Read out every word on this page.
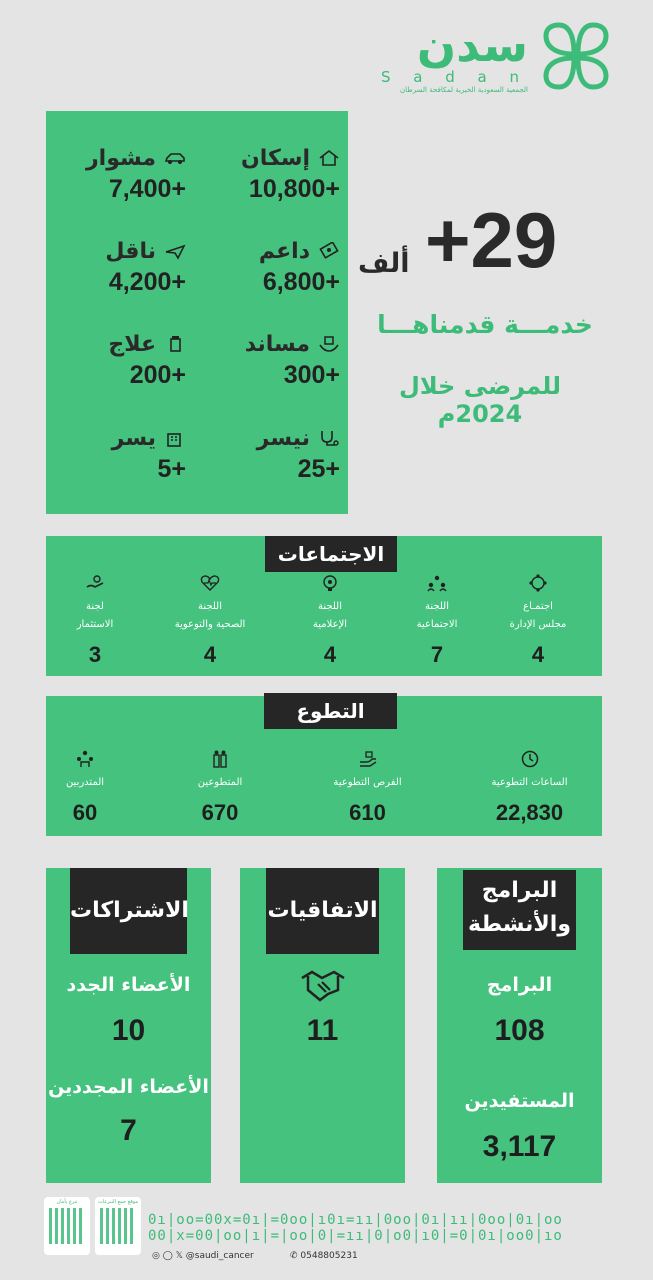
سدن
S a d a n
الجمعية السعودية الخيرية لمكافحة السرطان
إسكان
10,800+
مشوار
7,400+
داعم
6,800+
ناقل
4,200+
مساند
300+
علاج
200+
نيسر
25+
يسر
5+
+29
ألف
خدمـــة قدمناهـــا
للمرضى خلال 2024م
الاجتماعات
اجتمـاع
مجلس الإدارة
4
اللجنة
الاجتماعية
7
اللجنة
الإعلامية
4
اللجنة
الصحية والتوعوية
4
لجنة
الاستثمار
3
التطوع
الساعات التطوعية
22,830
الفرص التطوعية
610
المتطوعين
670
المتدربين
60
البرامج
والأنشطة
البرامج
108
المستفيدين
3,117
الاتفاقيات
11
الاشتراكات
الأعضاء الجدد
10
الأعضاء المجددين
7
تبرع بأمان	موقع جمع التبرعات
0ı|oo=00x=0ı|=0oo|ı0ı=ıı|0oo|0ı|ıı|0oo|0ı|oo
00|x=00|oo|ı|=|oo|0|=ıı|0|o0|ı0|=0|0ı|oo0|ıo
◎ ◯ 𝕏 @saudi_cancer	✆ 0548805231
